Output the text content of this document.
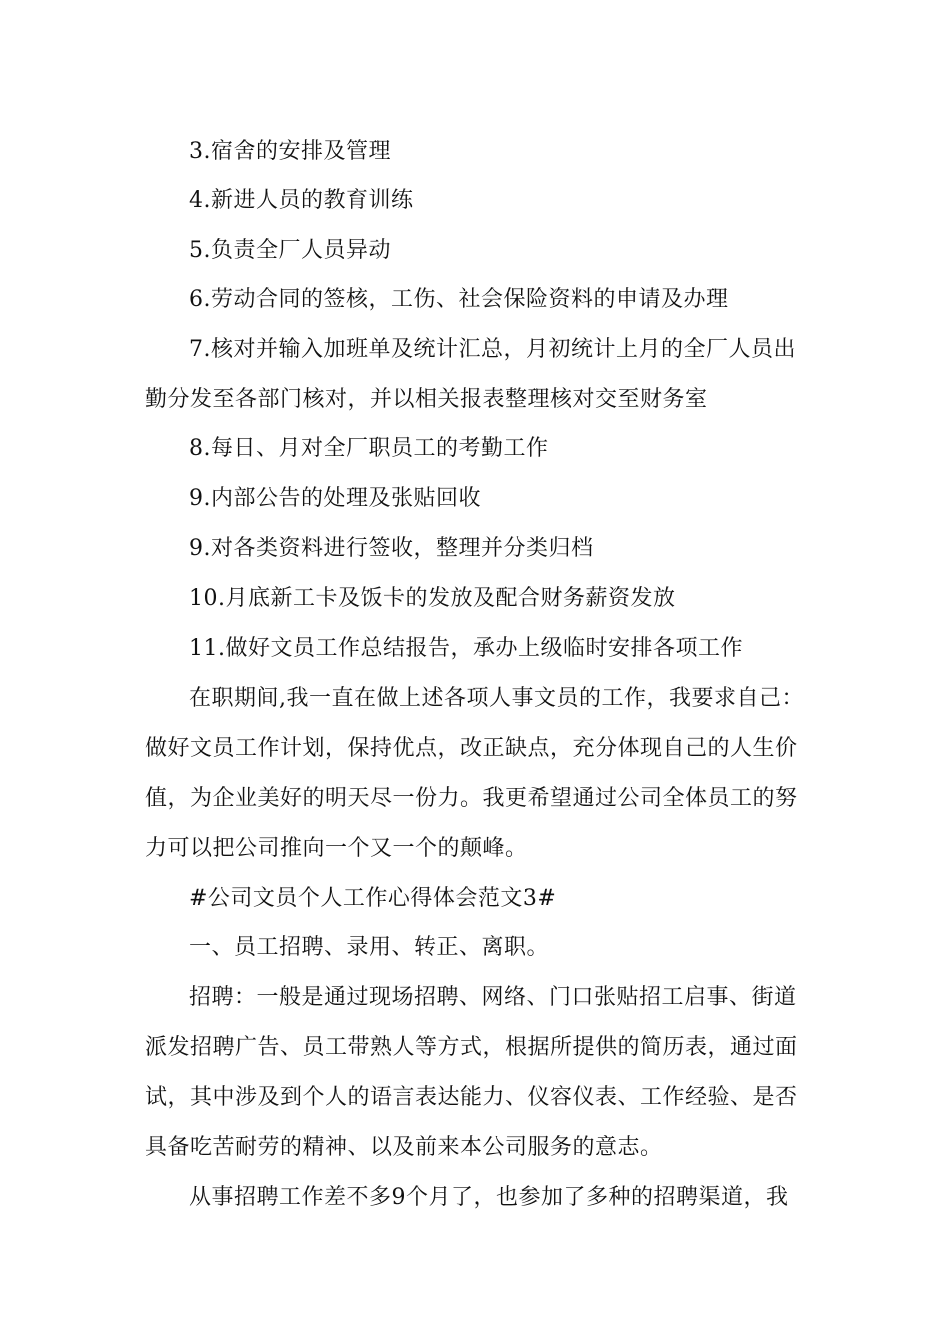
3.宿舍的安排及管理
4.新进人员的教育训练
5.负责全厂人员异动
6.劳动合同的签核，工伤、社会保险资料的申请及办理
7.核对并输入加班单及统计汇总，月初统计上月的全厂人员出
勤分发至各部门核对，并以相关报表整理核对交至财务室
8.每日、月对全厂职员工的考勤工作
9.内部公告的处理及张贴回收
9.对各类资料进行签收，整理并分类归档
10.月底新工卡及饭卡的发放及配合财务薪资发放
11.做好文员工作总结报告，承办上级临时安排各项工作
在职期间,我一直在做上述各项人事文员的工作，我要求自己：
做好文员工作计划，保持优点，改正缺点，充分体现自己的人生价
值，为企业美好的明天尽一份力。我更希望通过公司全体员工的努
力可以把公司推向一个又一个的颠峰。
#公司文员个人工作心得体会范文3#
一、员工招聘、录用、转正、离职。
招聘：一般是通过现场招聘、网络、门口张贴招工启事、街道
派发招聘广告、员工带熟人等方式，根据所提供的简历表，通过面
试，其中涉及到个人的语言表达能力、仪容仪表、工作经验、是否
具备吃苦耐劳的精神、以及前来本公司服务的意志。
从事招聘工作差不多9个月了，也参加了多种的招聘渠道，我
